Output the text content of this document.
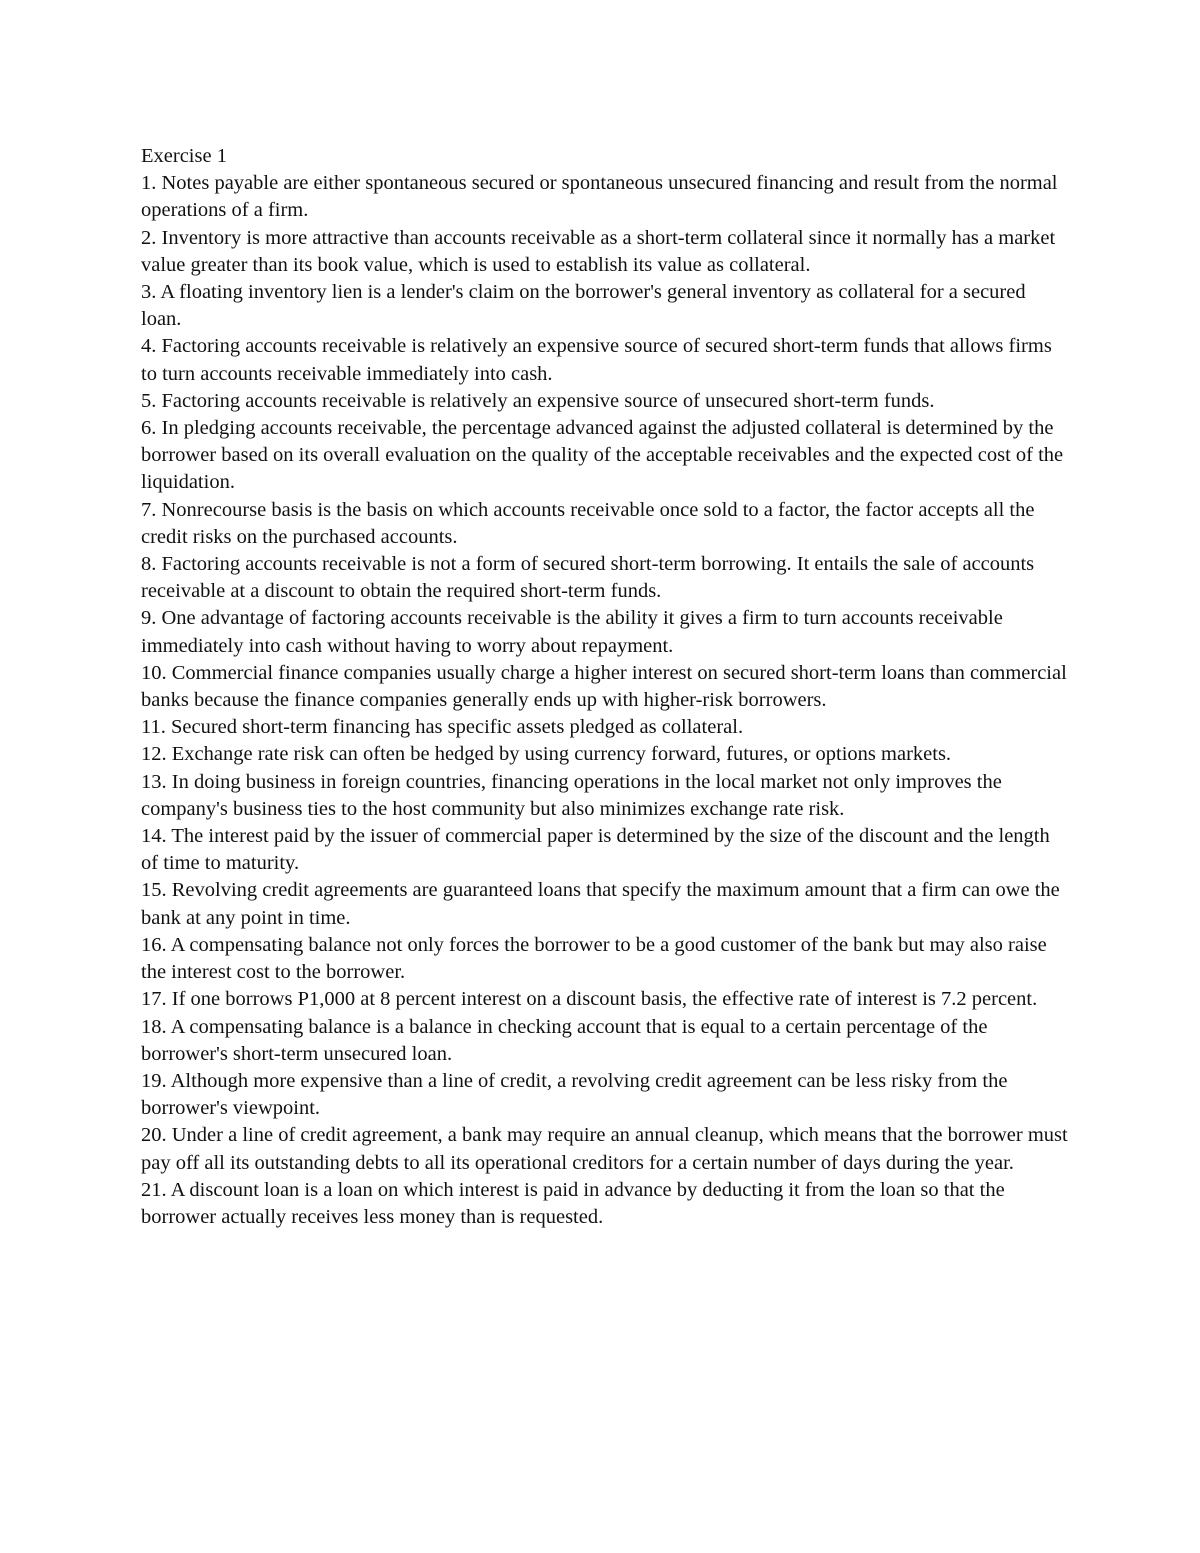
Exercise 1

1. Notes payable are either spontaneous secured or spontaneous unsecured financing and result from the normal operations of a firm.
2. Inventory is more attractive than accounts receivable as a short-term collateral since it normally has a market value greater than its book value, which is used to establish its value as collateral.
3. A floating inventory lien is a lender's claim on the borrower's general inventory as collateral for a secured loan.
4. Factoring accounts receivable is relatively an expensive source of secured short-term funds that allows firms to turn accounts receivable immediately into cash.
5. Factoring accounts receivable is relatively an expensive source of unsecured short-term funds.
6. In pledging accounts receivable, the percentage advanced against the adjusted collateral is determined by the borrower based on its overall evaluation on the quality of the acceptable receivables and the expected cost of the liquidation.
7. Nonrecourse basis is the basis on which accounts receivable once sold to a factor, the factor accepts all the credit risks on the purchased accounts.
8. Factoring accounts receivable is not a form of secured short-term borrowing. It entails the sale of accounts receivable at a discount to obtain the required short-term funds.
9. One advantage of factoring accounts receivable is the ability it gives a firm to turn accounts receivable immediately into cash without having to worry about repayment.
10. Commercial finance companies usually charge a higher interest on secured short-term loans than commercial banks because the finance companies generally ends up with higher-risk borrowers.
11. Secured short-term financing has specific assets pledged as collateral.
12. Exchange rate risk can often be hedged by using currency forward, futures, or options markets.
13. In doing business in foreign countries, financing operations in the local market not only improves the company's business ties to the host community but also minimizes exchange rate risk.
14. The interest paid by the issuer of commercial paper is determined by the size of the discount and the length of time to maturity.
15. Revolving credit agreements are guaranteed loans that specify the maximum amount that a firm can owe the bank at any point in time.
16. A compensating balance not only forces the borrower to be a good customer of the bank but may also raise the interest cost to the borrower.
17. If one borrows P1,000 at 8 percent interest on a discount basis, the effective rate of interest is 7.2 percent.
18. A compensating balance is a balance in checking account that is equal to a certain percentage of the borrower's short-term unsecured loan.
19. Although more expensive than a line of credit, a revolving credit agreement can be less risky from the borrower's viewpoint.
20. Under a line of credit agreement, a bank may require an annual cleanup, which means that the borrower must pay off all its outstanding debts to all its operational creditors for a certain number of days during the year.
21. A discount loan is a loan on which interest is paid in advance by deducting it from the loan so that the borrower actually receives less money than is requested.
